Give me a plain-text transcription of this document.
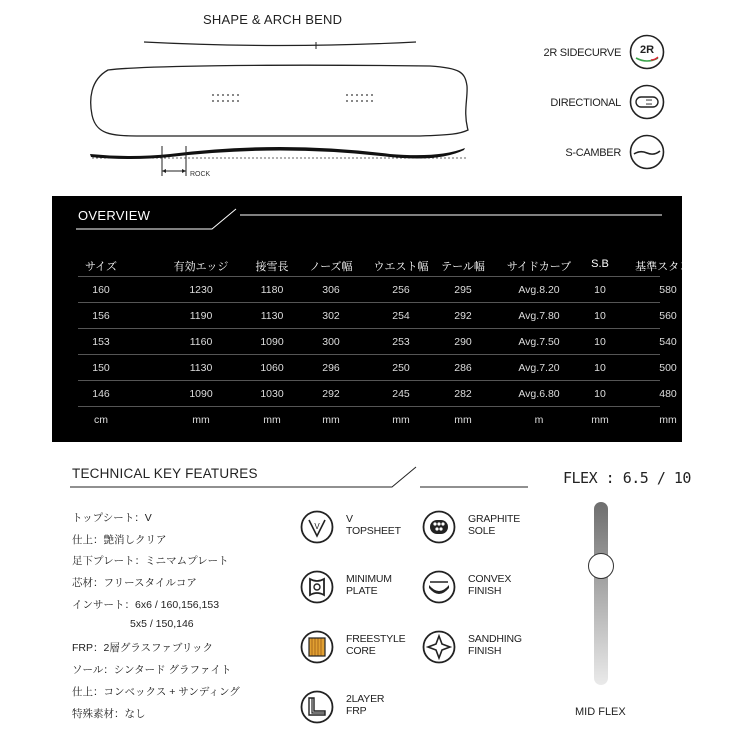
SHAPE & ARCH BEND
ROCK
2R SIDECURVE 2R
DIRECTIONAL
S-CAMBER
OVERVIEW
サイズ	有効エッジ 接雪長 ノーズ幅 ウエスト幅 テール幅 サイドカーブ S.B 基準スタンス
160	1230	1180	306	256	295	Avg.8.20	10	580
156	1190	1130	302	254	292	Avg.7.80	10	560
153	1160	1090	300	253	290	Avg.7.50	10	540
150	1130	1060	296	250	286	Avg.7.20	10	500
146	1090	1030	292	245	282	Avg.6.80	10	480
cm	mm	mm	mm	mm	mm	m	mm	mm
TECHNICAL KEY FEATURES
トップシート：V
仕上：艶消しクリア
足下プレート：ミニマムプレート
芯材：フリースタイルコア
インサート：6x6 / 160,156,153
5x5 / 150,146
FRP：2層グラスファブリック
ソール：シンタード グラファイト
仕上：コンベックス + サンディング
特殊素材：なし
V
V
TOPSHEET
GRAPHITE
SOLE
MINIMUM
PLATE
CONVEX
FINISH
FREESTYLE
CORE
SANDHING
FINISH
2LAYER
FRP
FLEX : 6.5 / 10
MID FLEX
